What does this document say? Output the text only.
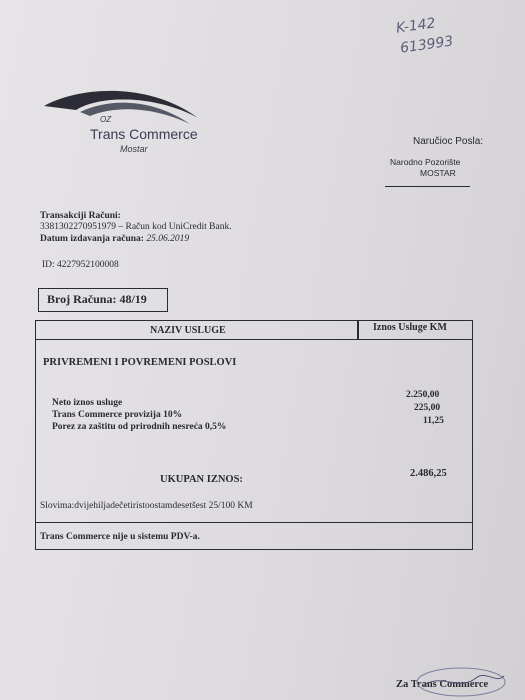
K-142
613993
OZ
Trans Commerce
Mostar
Naručioc Posla:
Narodno Pozorište
MOSTAR
Transakciji Računi:
3381302270951979 – Račun kod UniCredit Bank.
Datum izdavanja računa: 25.06.2019
ID: 4227952100008
Broj Računa: 48/19
NAZIV USLUGE	Iznos Usluge KM
PRIVREMENI I POVREMENI POSLOVI
Neto iznos usluge
2.250,00
Trans Commerce provizija 10%
225,00
Porez za zaštitu od prirodnih nesreća 0,5%
11,25
UKUPAN IZNOS:
2.486,25
Slovima:dvijehiljadečetiristoostamdesetšest 25/100 KM
Trans Commerce nije u sistemu PDV-a.
Za Trans Commerce
